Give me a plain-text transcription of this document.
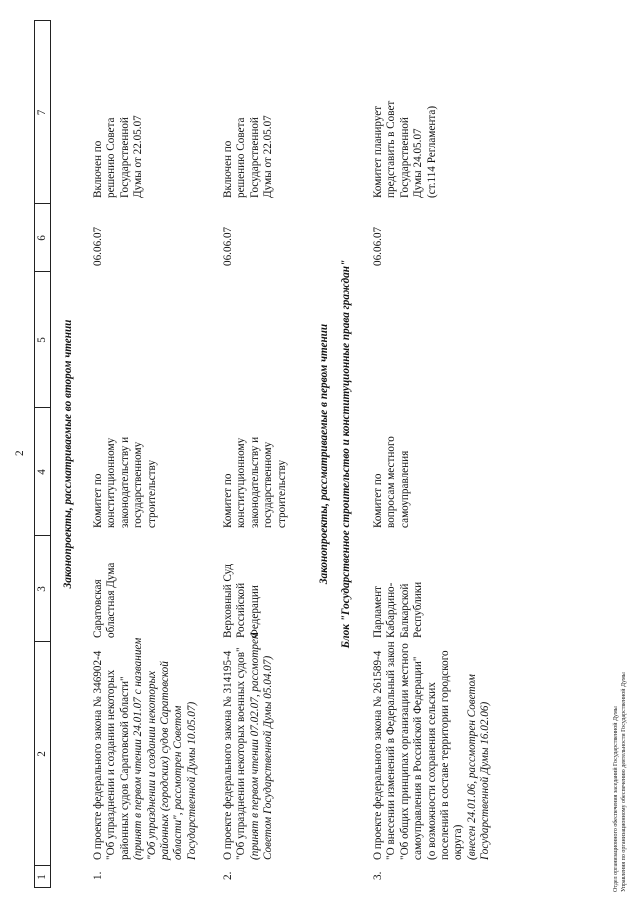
2
1
2
3
4
5
6
7
Законопроекты, рассматриваемые во втором чтении
1.
О проекте федерального закона № 346902-4 "Об упразднении и создании некоторых районных судов Саратовской области" (принят в первом чтении 24.01.07 с названием "Об упразднении и создании некоторых районных (городских) судов Саратовской области", рассмотрен Советом Государственной Думы 10.05.07)
Саратовская областная Дума
Комитет по конституционному законодательству и государственному строительству
06.06.07
Включен по решению Совета Государственной Думы от 22.05.07
2.
О проекте федерального закона № 314195-4 "Об упразднении некоторых военных судов" (принят в первом чтении 07.02.07, рассмотрен Советом Государственной Думы 05.04.07)
Верховный Суд Российской Федерации
Комитет по конституционному законодательству и государственному строительству
06.06.07
Включен по решению Совета Государственной Думы от 22.05.07
Законопроекты, рассматриваемые в первом чтении Блок "Государственное строительство и конституционные права граждан"
3.
О проекте федерального закона № 261589-4 "О внесении изменений в Федеральный закон "Об общих принципах организации местного самоуправления в Российской Федерации" (о возможности сохранения сельских поселений в составе территории городского округа) (внесен 24.01.06, рассмотрен Советом Государственной Думы 16.02.06)
Парламент Кабардино- Балкарской Республики
Комитет по вопросам местного самоуправления
06.06.07
Комитет планирует представить в Совет Государственной Думы 24.05.07 (ст.114 Регламента)
Отдел организационного обеспечения заседаний Государственной Думы Управления по организационному обеспечению деятельности Государственной Думы
